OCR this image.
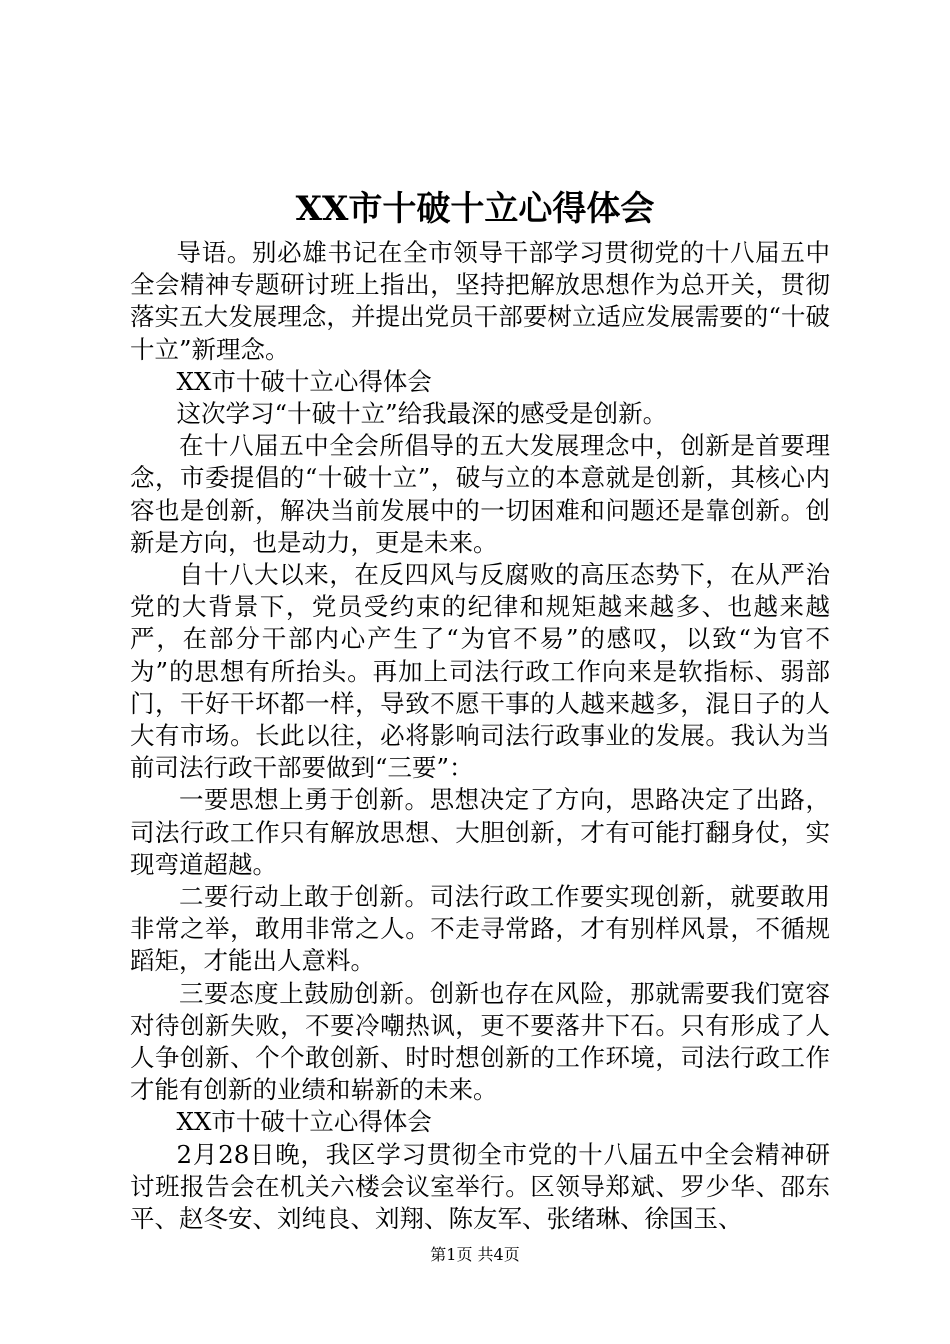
XX市十破十立心得体会

导语。别必雄书记在全市领导干部学习贯彻党的十八届五中全会精神专题研讨班上指出，坚持把解放思想作为总开关，贯彻落实五大发展理念，并提出党员干部要树立适应发展需要的“十破十立”新理念。

XX市十破十立心得体会

这次学习“十破十立”给我最深的感受是创新。

在十八届五中全会所倡导的五大发展理念中，创新是首要理念，市委提倡的“十破十立”，破与立的本意就是创新，其核心内容也是创新，解决当前发展中的一切困难和问题还是靠创新。创新是方向，也是动力，更是未来。

自十八大以来，在反四风与反腐败的高压态势下，在从严治党的大背景下，党员受约束的纪律和规矩越来越多、也越来越严，在部分干部内心产生了“为官不易”的感叹，以致“为官不为”的思想有所抬头。再加上司法行政工作向来是软指标、弱部门，干好干坏都一样，导致不愿干事的人越来越多，混日子的人大有市场。长此以往，必将影响司法行政事业的发展。我认为当前司法行政干部要做到“三要”：

一要思想上勇于创新。思想决定了方向，思路决定了出路，司法行政工作只有解放思想、大胆创新，才有可能打翻身仗，实现弯道超越。

二要行动上敢于创新。司法行政工作要实现创新，就要敢用非常之举，敢用非常之人。不走寻常路，才有别样风景，不循规蹈矩，才能出人意料。

三要态度上鼓励创新。创新也存在风险，那就需要我们宽容对待创新失败，不要冷嘲热讽，更不要落井下石。只有形成了人人争创新、个个敢创新、时时想创新的工作环境，司法行政工作才能有创新的业绩和崭新的未来。

XX市十破十立心得体会

2月28日晚，我区学习贯彻全市党的十八届五中全会精神研讨班报告会在机关六楼会议室举行。区领导郑斌、罗少华、邵东平、赵冬安、刘纯良、刘翔、陈友军、张绪琳、徐国玉、

第1页 共4页
